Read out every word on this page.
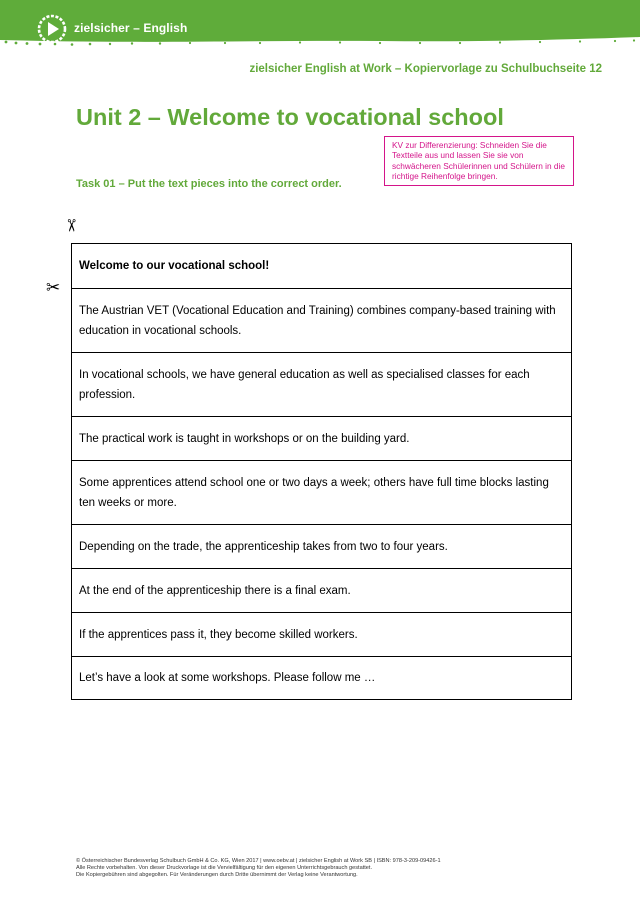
zielsicher – English
zielsicher English at Work – Kopiervorlage zu Schulbuchseite 12
Unit 2 – Welcome to vocational school
KV zur Differenzierung: Schneiden Sie die Textteile aus und lassen Sie sie von schwächeren Schülerinnen und Schülern in die richtige Reihenfolge bringen.
Task 01 – Put the text pieces into the correct order.
✂
✂
Welcome to our vocational school!
The Austrian VET (Vocational Education and Training) combines company-based training with education in vocational schools.
In vocational schools, we have general education as well as specialised classes for each profession.
The practical work is taught in workshops or on the building yard.
Some apprentices attend school one or two days a week; others have full time blocks lasting ten weeks or more.
Depending on the trade, the apprenticeship takes from two to four years.
At the end of the apprenticeship there is a final exam.
If the apprentices pass it, they become skilled workers.
Let’s have a look at some workshops. Please follow me …
© Österreichischer Bundesverlag Schulbuch GmbH & Co. KG, Wien 2017 | www.oebv.at | zielsicher English at Work SB | ISBN: 978-3-209-09426-1
Alle Rechte vorbehalten. Von dieser Druckvorlage ist die Vervielfältigung für den eigenen Unterrichtsgebrauch gestattet.
Die Kopiergebühren sind abgegolten. Für Veränderungen durch Dritte übernimmt der Verlag keine Verantwortung.
